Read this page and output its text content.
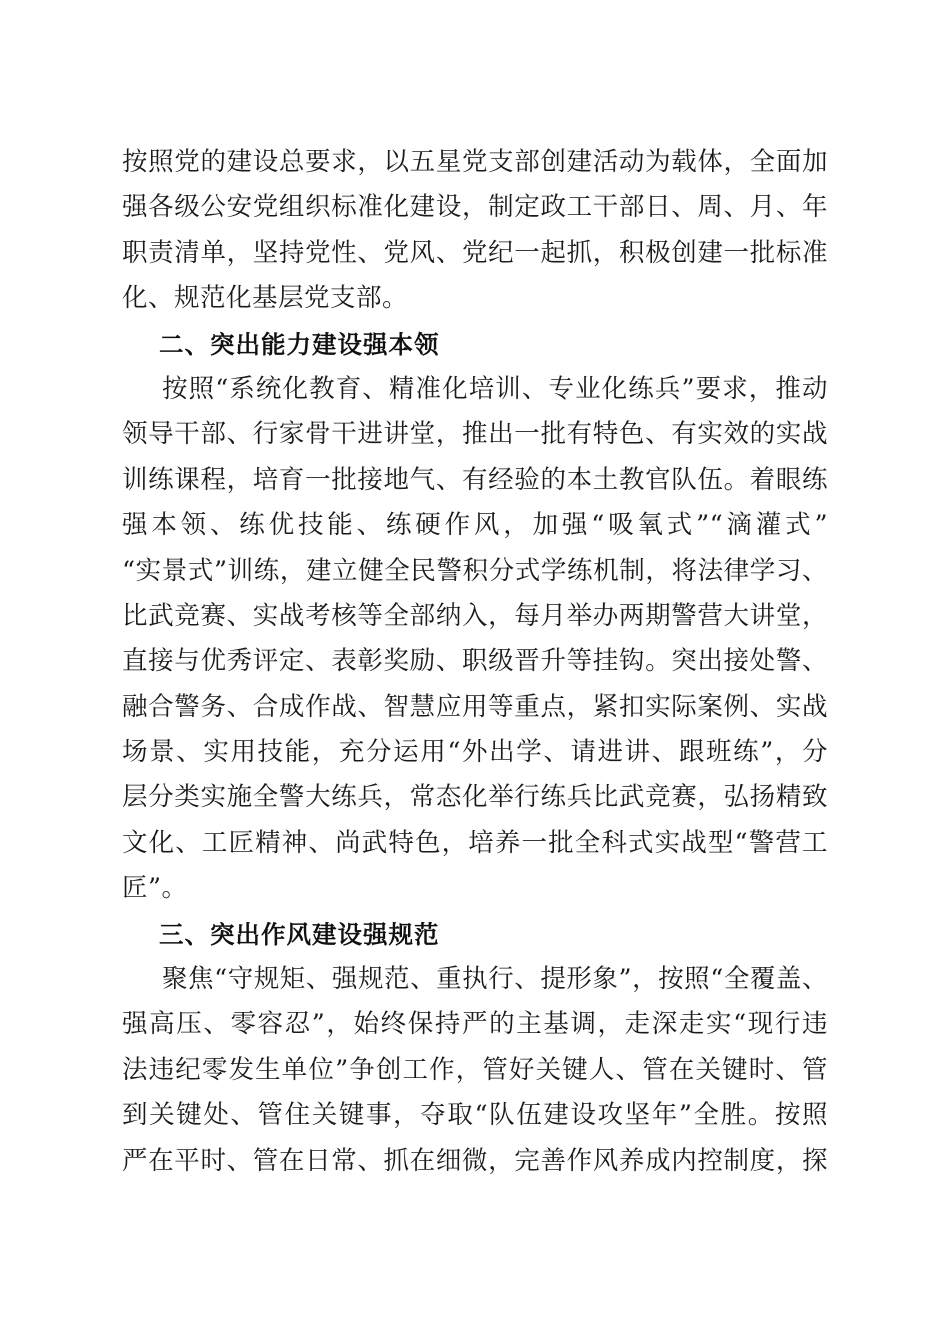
按照党的建设总要求，以五星党支部创建活动为载体，全面加
强各级公安党组织标准化建设，制定政工干部日、周、月、年
职责清单，坚持党性、党风、党纪一起抓，积极创建一批标准
化、规范化基层党支部。
二、突出能力建设强本领
按照“系统化教育、精准化培训、专业化练兵”要求，推动
领导干部、行家骨干进讲堂，推出一批有特色、有实效的实战
训练课程，培育一批接地气、有经验的本土教官队伍。着眼练
强本领、练优技能、练硬作风，加强“吸氧式”“滴灌式”
“实景式”训练，建立健全民警积分式学练机制，将法律学习、
比武竞赛、实战考核等全部纳入，每月举办两期警营大讲堂，
直接与优秀评定、表彰奖励、职级晋升等挂钩。突出接处警、
融合警务、合成作战、智慧应用等重点，紧扣实际案例、实战
场景、实用技能，充分运用“外出学、请进讲、跟班练”，分
层分类实施全警大练兵，常态化举行练兵比武竞赛，弘扬精致
文化、工匠精神、尚武特色，培养一批全科式实战型“警营工
匠”。
三、突出作风建设强规范
聚焦“守规矩、强规范、重执行、提形象”，按照“全覆盖、
强高压、零容忍”，始终保持严的主基调，走深走实“现行违
法违纪零发生单位”争创工作，管好关键人、管在关键时、管
到关键处、管住关键事，夺取“队伍建设攻坚年”全胜。按照
严在平时、管在日常、抓在细微，完善作风养成内控制度，探
